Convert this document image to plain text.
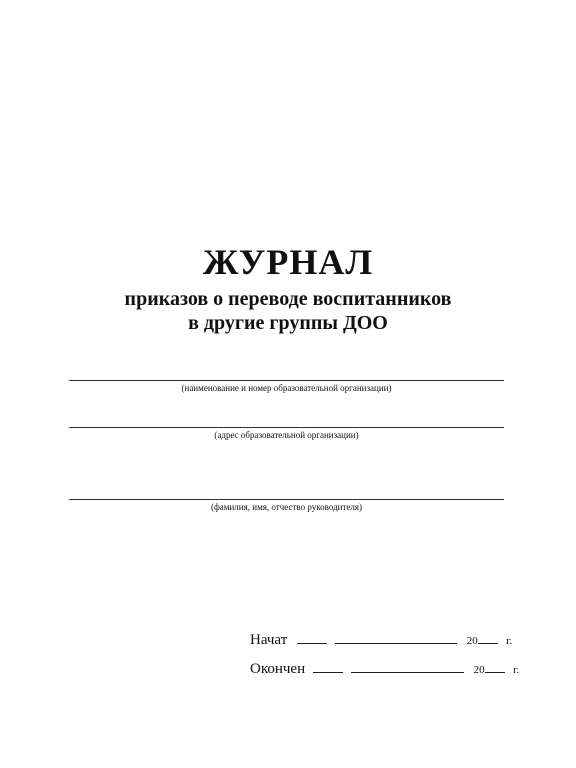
ЖУРНАЛ
приказов о переводе воспитанников
в другие группы ДОО
(наименование и номер образовательной организации)
(адрес образовательной организации)
(фамилия, имя, отчество руководителя)
Начат	20	г.
Окончен	20	г.
